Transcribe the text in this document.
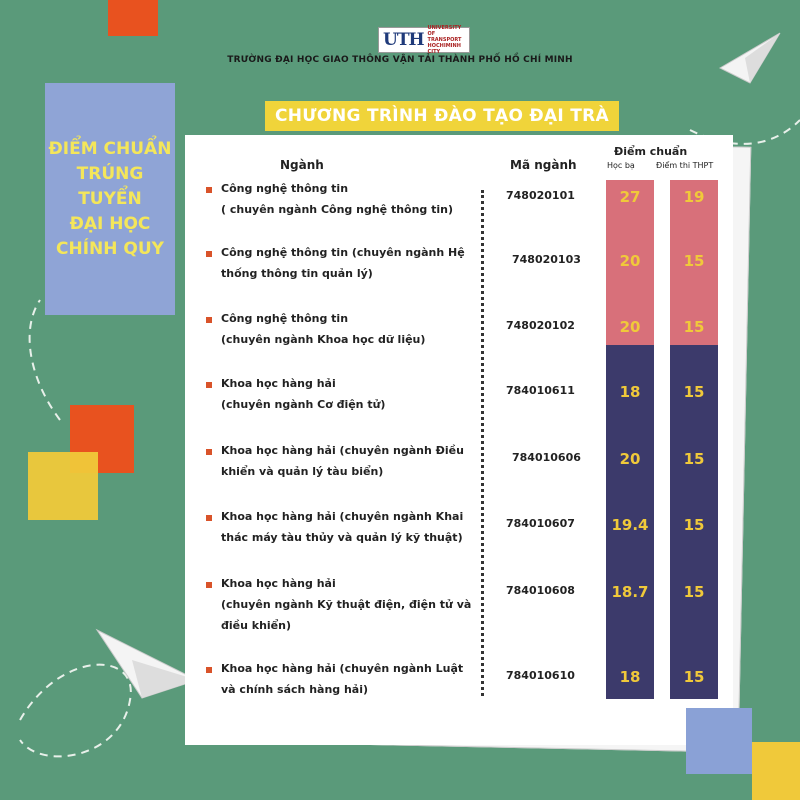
UTH
UNIVERSITY
OF TRANSPORT
HOCHIMINH CITY
TRƯỜNG ĐẠI HỌC GIAO THÔNG VẬN TẢI THÀNH PHỐ HỒ CHÍ MINH
ĐIỂM CHUẨN
TRÚNG
TUYỂN
ĐẠI HỌC
CHÍNH QUY
CHƯƠNG TRÌNH ĐÀO TẠO ĐẠI TRÀ
Ngành	Mã ngành
Điểm chuẩn
Học bạ	Điểm thi THPT
Công nghệ thông tin
( chuyên ngành Công nghệ thông tin)
748020101	27	19
Công nghệ thông tin (chuyên ngành Hệ
thống thông tin quản lý)
748020103	20	15
Công nghệ thông tin
(chuyên ngành Khoa học dữ liệu)
748020102	20	15
Khoa học hàng hải
(chuyên ngành Cơ điện tử)
784010611	18	15
Khoa học hàng hải (chuyên ngành Điều
khiển và quản lý tàu biển)
784010606	20	15
Khoa học hàng hải (chuyên ngành Khai
thác máy tàu thủy và quản lý kỹ thuật)
784010607	19.4	15
Khoa học hàng hải
(chuyên ngành Kỹ thuật điện, điện tử và
điều khiển)
784010608	18.7	15
Khoa học hàng hải (chuyên ngành Luật
và chính sách hàng hải)
784010610	18	15
